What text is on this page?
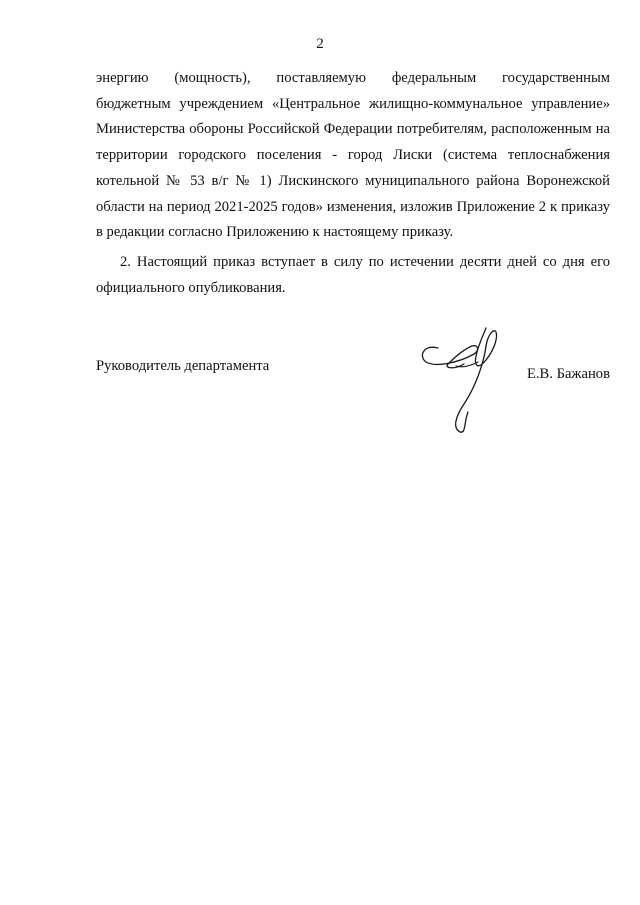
2

энергию (мощность), поставляемую федеральным государственным
бюджетным учреждением «Центральное жилищно-коммунальное управление» Министерства обороны Российской Федерации потребителям, расположенным на территории городского поселения - город Лиски (система теплоснабжения котельной № 53 в/г № 1) Лискинского муниципального района Воронежской области на период 2021-2025 годов» изменения, изложив Приложение 2 к приказу в редакции согласно Приложению к настоящему приказу.

2. Настоящий приказ вступает в силу по истечении десяти дней со дня его официального опубликования.

Руководитель департамента	Е.В. Бажанов
